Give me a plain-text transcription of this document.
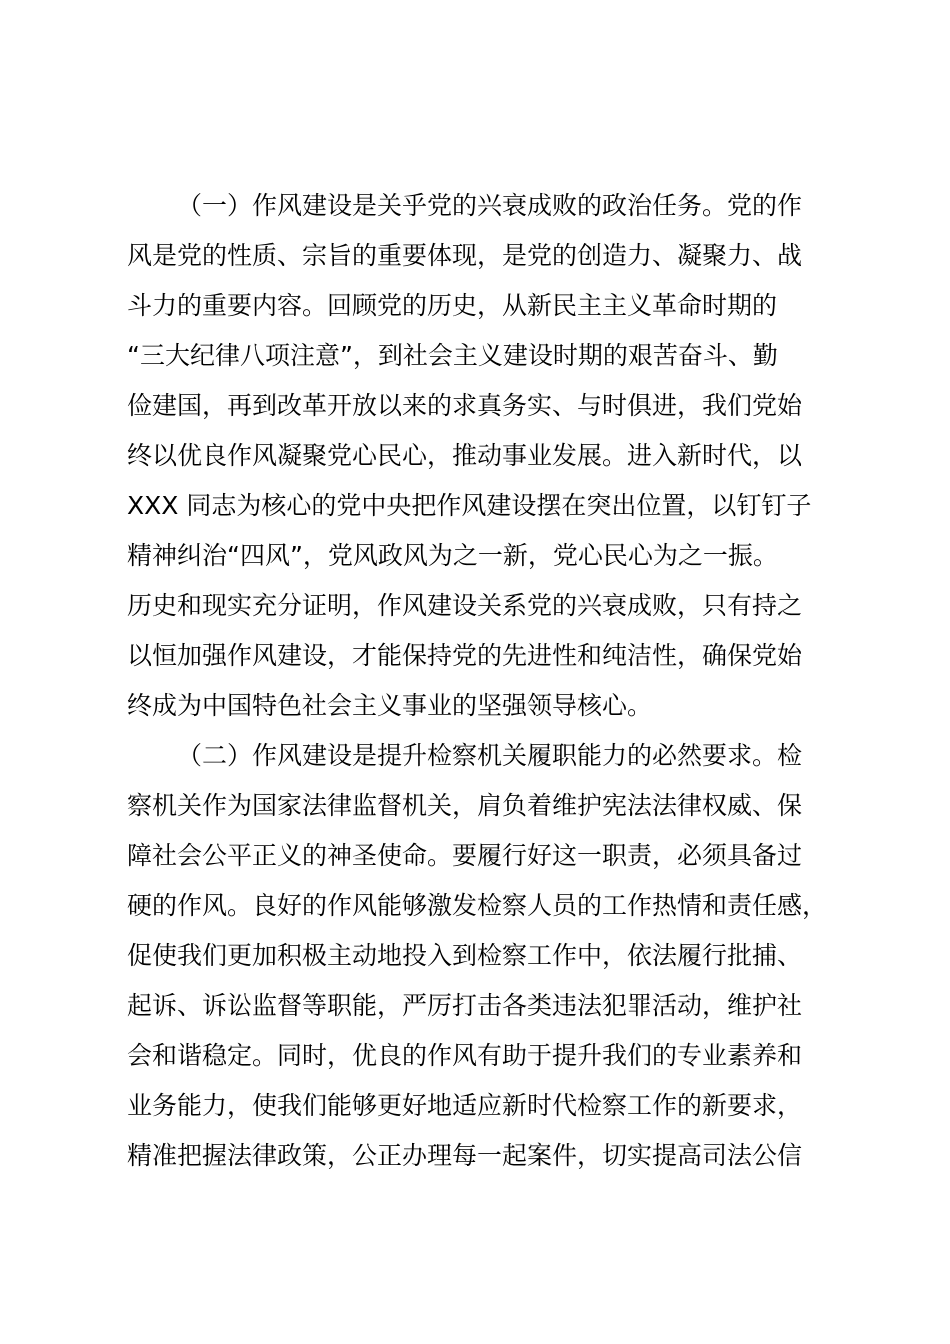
（一）作风建设是关乎党的兴衰成败的政治任务。党的作
风是党的性质、宗旨的重要体现，是党的创造力、凝聚力、战
斗力的重要内容。回顾党的历史，从新民主主义革命时期的
“三大纪律八项注意”，到社会主义建设时期的艰苦奋斗、勤
俭建国，再到改革开放以来的求真务实、与时俱进，我们党始
终以优良作风凝聚党心民心，推动事业发展。进入新时代，以
XXX 同志为核心的党中央把作风建设摆在突出位置，以钉钉子
精神纠治“四风”，党风政风为之一新，党心民心为之一振。
历史和现实充分证明，作风建设关系党的兴衰成败，只有持之
以恒加强作风建设，才能保持党的先进性和纯洁性，确保党始
终成为中国特色社会主义事业的坚强领导核心。
（二）作风建设是提升检察机关履职能力的必然要求。检
察机关作为国家法律监督机关，肩负着维护宪法法律权威、保
障社会公平正义的神圣使命。要履行好这一职责，必须具备过
硬的作风。良好的作风能够激发检察人员的工作热情和责任感，
促使我们更加积极主动地投入到检察工作中，依法履行批捕、
起诉、诉讼监督等职能，严厉打击各类违法犯罪活动，维护社
会和谐稳定。同时，优良的作风有助于提升我们的专业素养和
业务能力，使我们能够更好地适应新时代检察工作的新要求，
精准把握法律政策，公正办理每一起案件，切实提高司法公信
